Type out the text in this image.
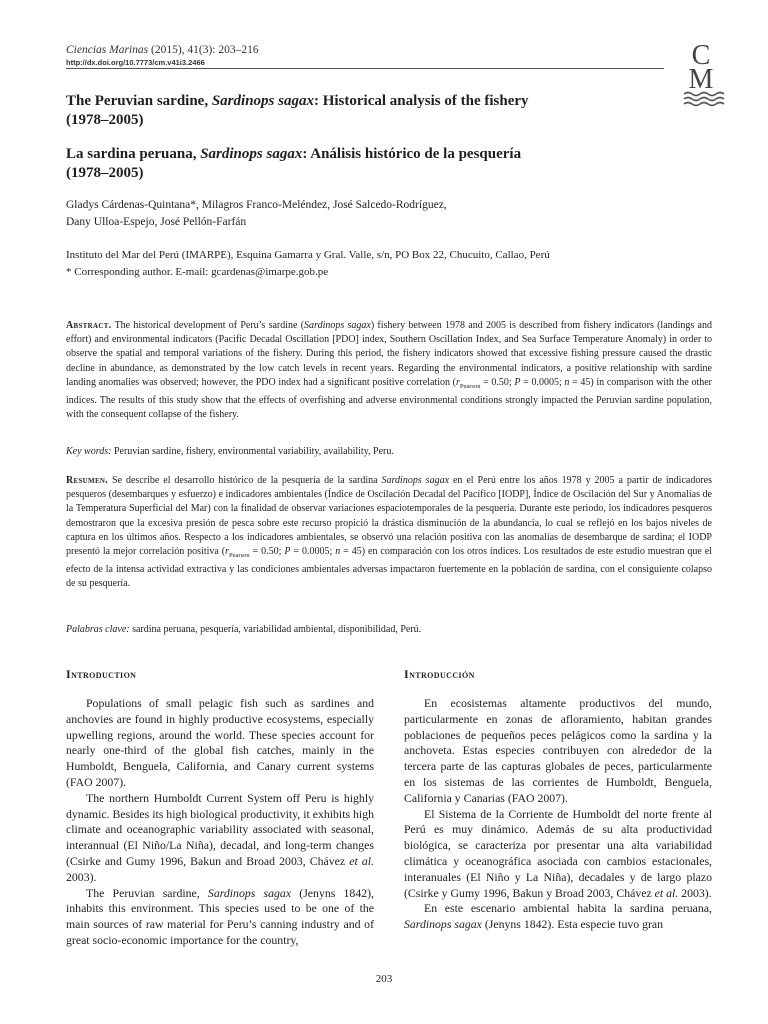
Ciencias Marinas (2015), 41(3): 203–216
http://dx.doi.org/10.7773/cm.v41i3.2466	C
M
The Peruvian sardine, Sardinops sagax: Historical analysis of the fishery
(1978–2005)
La sardina peruana, Sardinops sagax: Análisis histórico de la pesquería
(1978–2005)
Gladys Cárdenas-Quintana*, Milagros Franco-Meléndez, José Salcedo-Rodríguez,
Dany Ulloa-Espejo, José Pellón-Farfán
Instituto del Mar del Perú (IMARPE), Esquina Gamarra y Gral. Valle, s/n, PO Box 22, Chucuito, Callao, Perú
* Corresponding author. E-mail: gcardenas@imarpe.gob.pe
Abstract. The historical development of Peru’s sardine (Sardinops sagax) fishery between 1978 and 2005 is described from fishery indicators (landings and effort) and environmental indicators (Pacific Decadal Oscillation [PDO] index, Southern Oscillation Index, and Sea Surface Temperature Anomaly) in order to observe the spatial and temporal variations of the fishery. During this period, the fishery indicators showed that excessive fishing pressure caused the drastic decline in abundance, as demonstrated by the low catch levels in recent years. Regarding the environmental indicators, a positive relationship with sardine landing anomalies was observed; however, the PDO index had a significant positive correlation ($r_{Pearson} = 0.50$; P = 0.0005; n = 45) in comparison with the other indices. The results of this study show that the effects of overfishing and adverse environmental conditions strongly impacted the Peruvian sardine population, with the consequent collapse of the fishery.
Key words: Peruvian sardine, fishery, environmental variability, availability, Peru.
Resumen. Se describe el desarrollo histórico de la pesquería de la sardina Sardinops sagax en el Perú entre los años 1978 y 2005 a partir de indicadores pesqueros (desembarques y esfuerzo) e indicadores ambientales (Índice de Oscilación Decadal del Pacífico [IODP], Índice de Oscilación del Sur y Anomalías de la Temperatura Superficial del Mar) con la finalidad de observar variaciones espaciotemporales de la pesquería. Durante este periodo, los indicadores pesqueros demostraron que la excesiva presión de pesca sobre este recurso propició la drástica disminución de la abundancia, lo cual se reflejó en los bajos niveles de captura en los últimos años. Respecto a los indicadores ambientales, se observó una relación positiva con las anomalías de desembarque de sardina; el IODP presentó la mejor correlación positiva ($r_{Pearson} = 0.50$; P = 0.0005; n = 45) en comparación con los otros índices. Los resultados de este estudio muestran que el efecto de la intensa actividad extractiva y las condiciones ambientales adversas impactaron fuertemente en la población de sardina, con el consiguiente colapso de su pesquería.
Palabras clave: sardina peruana, pesquería, variabilidad ambiental, disponibilidad, Perú.
Introduction	Introducción

Populations of small pelagic fish such as sardines and anchovies are found in highly productive ecosystems, especially upwelling regions, around the world. These species account for nearly one-third of the global fish catches, mainly in the Humboldt, Benguela, California, and Canary current systems (FAO 2007).

The northern Humboldt Current System off Peru is highly dynamic. Besides its high biological productivity, it exhibits high climate and oceanographic variability associated with seasonal, interannual (El Niño/La Niña), decadal, and long-term changes (Csirke and Gumy 1996, Bakun and Broad 2003, Chávez et al. 2003).

The Peruvian sardine, Sardinops sagax (Jenyns 1842), inhabits this environment. This species used to be one of the main sources of raw material for Peru’s canning industry and of great socio-economic importance for the country,

En ecosistemas altamente productivos del mundo, particularmente en zonas de afloramiento, habitan grandes poblaciones de pequeños peces pelágicos como la sardina y la anchoveta. Estas especies contribuyen con alrededor de la tercera parte de las capturas globales de peces, particularmente en los sistemas de las corrientes de Humboldt, Benguela, California y Canarias (FAO 2007).

El Sistema de la Corriente de Humboldt del norte frente al Perú es muy dinámico. Además de su alta productividad biológica, se caracteriza por presentar una alta variabilidad climática y oceanográfica asociada con cambios estacionales, interanuales (El Niño y La Niña), decadales y de largo plazo (Csirke y Gumy 1996, Bakun y Broad 2003, Chávez et al. 2003).

En este escenario ambiental habita la sardina peruana, Sardinops sagax (Jenyns 1842). Esta especie tuvo gran

203
